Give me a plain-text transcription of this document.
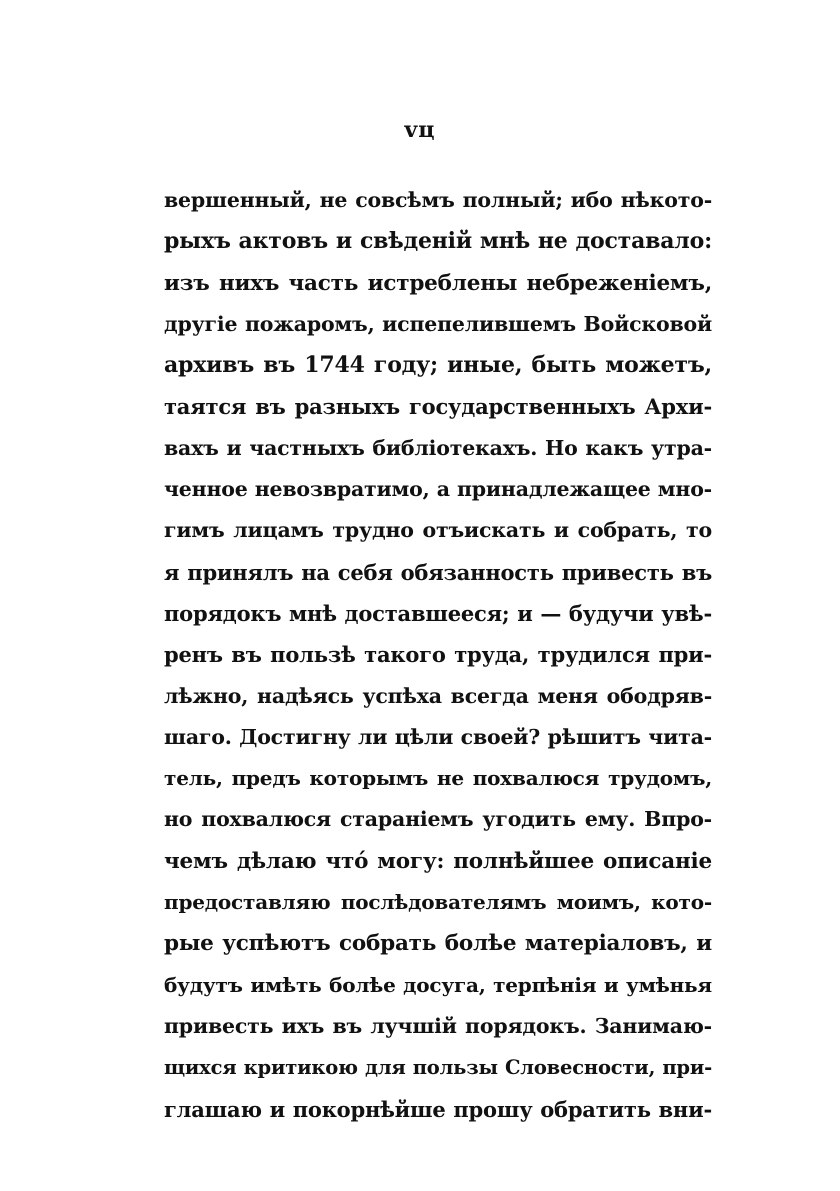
vц
вершенный, не совсѣмъ полный; ибо нѣкото-
рыхъ актовъ и свѣденiй мнѣ не доставало:
изъ нихъ часть истреблены небреженiемъ,
другiе пожаромъ, испепелившемъ Войсковой
архивъ въ 1744 году; иные, быть можетъ,
таятся въ разныхъ государственныхъ Архи-
вахъ и частныхъ библiотекахъ. Но какъ утра-
ченное невозвратимо, а принадлежащее мно-
гимъ лицамъ трудно отъискать и собрать, то
я принялъ на себя обязанность привесть въ
порядокъ мнѣ доставшееся; и — будучи увѣ-
ренъ въ пользѣ такого труда, трудился при-
лѣжно, надѣясь успѣха всегда меня ободряв-
шаго. Достигну ли цѣли своей? рѣшитъ чита-
тель, предъ которымъ не похвалюся трудомъ,
но похвалюся старанiемъ угодить ему. Впро-
чемъ дѣлаю что́ могу: полнѣйшее описанiе
предоставляю послѣдователямъ моимъ, кото-
рые успѣютъ собрать болѣе матерiаловъ, и
будутъ имѣть болѣе досуга, терпѣнiя и умѣнья
привесть ихъ въ лучшiй порядокъ. Занимаю-
щихся критикою для пользы Словесности, при-
глашаю и покорнѣйше прошу обратить вни-
